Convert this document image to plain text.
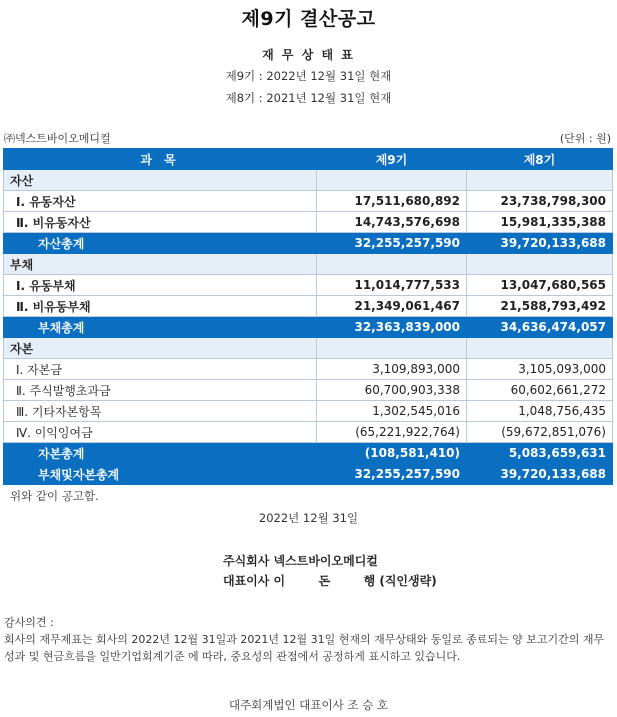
제9기 결산공고
재 무 상 태 표
제9기 : 2022년 12월 31일 현재
제8기 : 2021년 12월 31일 현재
㈜넥스트바이오메디컬	(단위 : 원)
과 목	제9기	제8기
자산		
Ⅰ. 유동자산	17,511,680,892	23,738,798,300
Ⅱ. 비유동자산	14,743,576,698	15,981,335,388
자산총계	32,255,257,590	39,720,133,688
부채		
Ⅰ. 유동부채	11,014,777,533	13,047,680,565
Ⅱ. 비유동부채	21,349,061,467	21,588,793,492
부채총계	32,363,839,000	34,636,474,057
자본		
Ⅰ. 자본금	3,109,893,000	3,105,093,000
Ⅱ. 주식발행초과금	60,700,903,338	60,602,661,272
Ⅲ. 기타자본항목	1,302,545,016	1,048,756,435
Ⅳ. 이익잉여금	(65,221,922,764)	(59,672,851,076)
자본총계	(108,581,410)	5,083,659,631
부채및자본총계	32,255,257,590	39,720,133,688
위와 같이 공고함.
2022년 12월 31일
주식회사 넥스트바이오메디컬
대표이사 이        돈        행 (직인생략)
감사의견 :
회사의 재무제표는 회사의 2022년 12월 31일과 2021년 12월 31일 현재의 재무상태와 동일로 종료되는 양 보고기간의 재무성과 및 현금흐름을 일반기업회계기준 에 따라, 중요성의 관점에서 공정하게 표시하고 있습니다.
대주회계법인 대표이사 조 승 호
